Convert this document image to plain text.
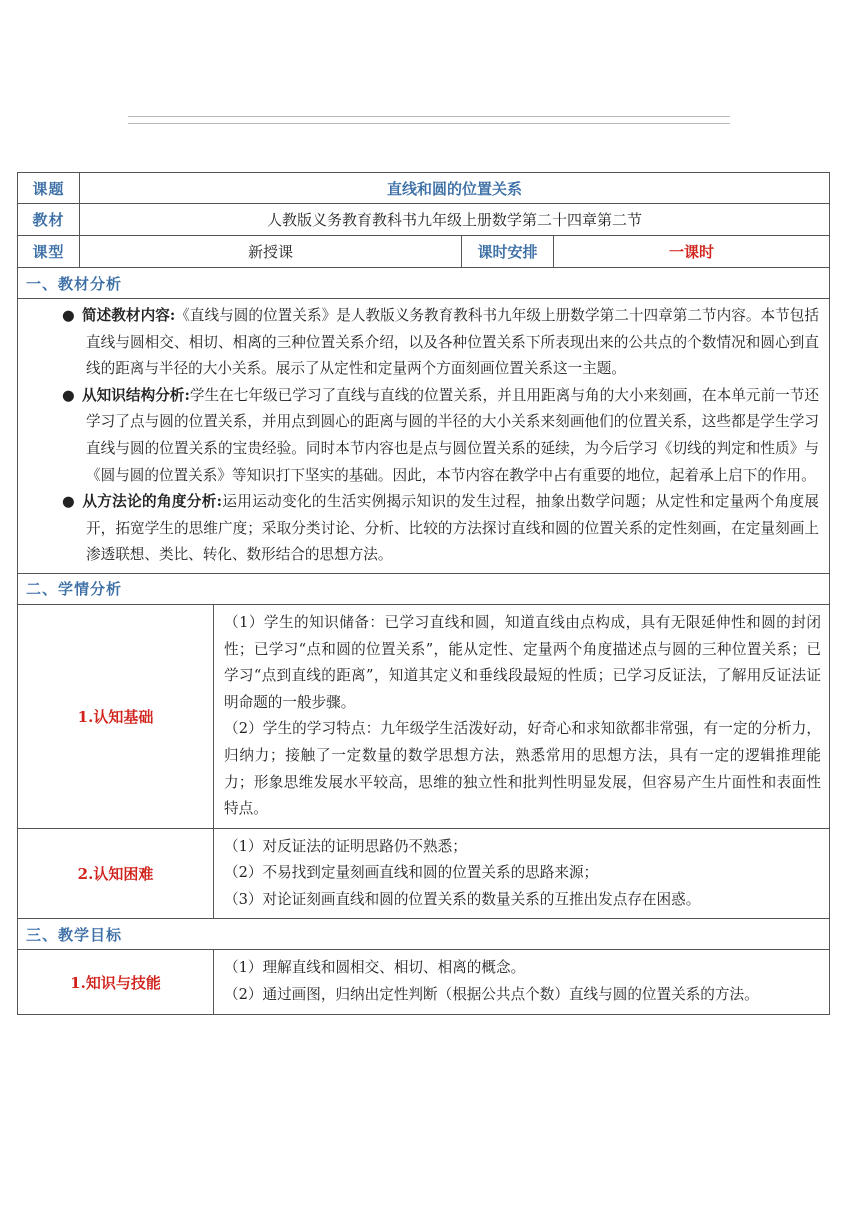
课题	直线和圆的位置关系			
教材	人教版义务教育教科书九年级上册数学第二十四章第二节			
课型	新授课		课时安排	一课时
一、教材分析				

● 简述教材内容:《直线与圆的位置关系》是人教版义务教育教科书九年级上册数学第二十四章第二节内容。本节包括直线与圆相交、相切、相离的三种位置关系介绍，以及各种位置关系下所表现出来的公共点的个数情况和圆心到直线的距离与半径的大小关系。展示了从定性和定量两个方面刻画位置关系这一主题。

● 从知识结构分析:学生在七年级已学习了直线与直线的位置关系，并且用距离与角的大小来刻画，在本单元前一节还学习了点与圆的位置关系，并用点到圆心的距离与圆的半径的大小关系来刻画他们的位置关系，这些都是学生学习直线与圆的位置关系的宝贵经验。同时本节内容也是点与圆位置关系的延续，为今后学习《切线的判定和性质》与《圆与圆的位置关系》等知识打下坚实的基础。因此，本节内容在教学中占有重要的地位，起着承上启下的作用。

● 从方法论的角度分析:运用运动变化的生活实例揭示知识的发生过程，抽象出数学问题；从定性和定量两个角度展开，拓宽学生的思维广度；采取分类讨论、分析、比较的方法探讨直线和圆的位置关系的定性刻画，在定量刻画上渗透联想、类比、转化、数形结合的思想方法。				

二、学情分析				
1.认知基础		（1）学生的知识储备：已学习直线和圆，知道直线由点构成，具有无限延伸性和圆的封闭性；已学习“点和圆的位置关系”，能从定性、定量两个角度描述点与圆的三种位置关系；已学习“点到直线的距离”，知道其定义和垂线段最短的性质；已学习反证法，了解用反证法证明命题的一般步骤。

（2）学生的学习特点：九年级学生活泼好动，好奇心和求知欲都非常强，有一定的分析力，归纳力；接触了一定数量的数学思想方法，熟悉常用的思想方法，具有一定的逻辑推理能力；形象思维发展水平较高，思维的独立性和批判性明显发展，但容易产生片面性和表面性特点。		

2.认知困难		（1）对反证法的证明思路仍不熟悉；

（2）不易找到定量刻画直线和圆的位置关系的思路来源；

（3）对论证刻画直线和圆的位置关系的数量关系的互推出发点存在困惑。		

三、教学目标				
1.知识与技能		（1）理解直线和圆相交、相切、相离的概念。

（2）通过画图，归纳出定性判断（根据公共点个数）直线与圆的位置关系的方法。		
